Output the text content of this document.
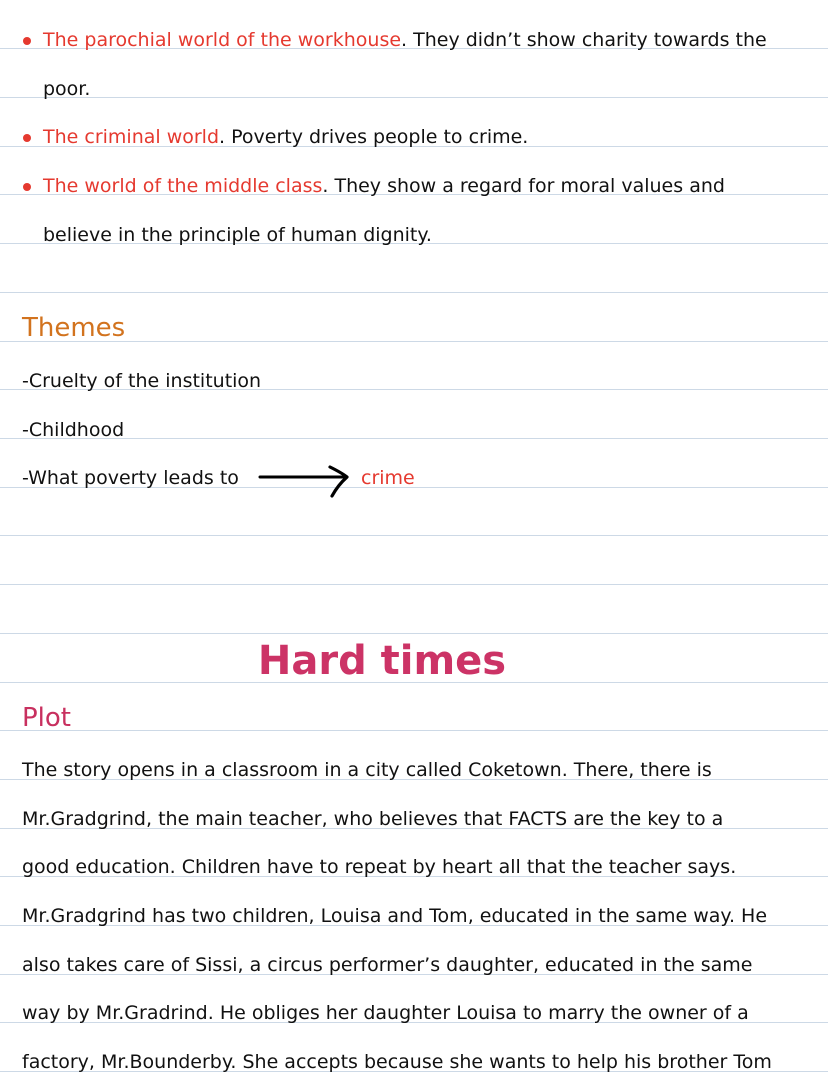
The parochial world of the workhouse. They didn’t show charity towards the
poor.
The criminal world. Poverty drives people to crime.
The world of the middle class. They show a regard for moral values and
believe in the principle of human dignity.
Themes
-Cruelty of the institution
-Childhood
-What poverty leads to	crime
Hard times
Plot
The story opens in a classroom in a city called Coketown. There, there is
Mr.Gradgrind, the main teacher, who believes that FACTS are the key to a
good education. Children have to repeat by heart all that the teacher says.
Mr.Gradgrind has two children, Louisa and Tom, educated in the same way. He
also takes care of Sissi, a circus performer’s daughter, educated in the same
way by Mr.Gradrind. He obliges her daughter Louisa to marry the owner of a
factory, Mr.Bounderby. She accepts because she wants to help his brother Tom
